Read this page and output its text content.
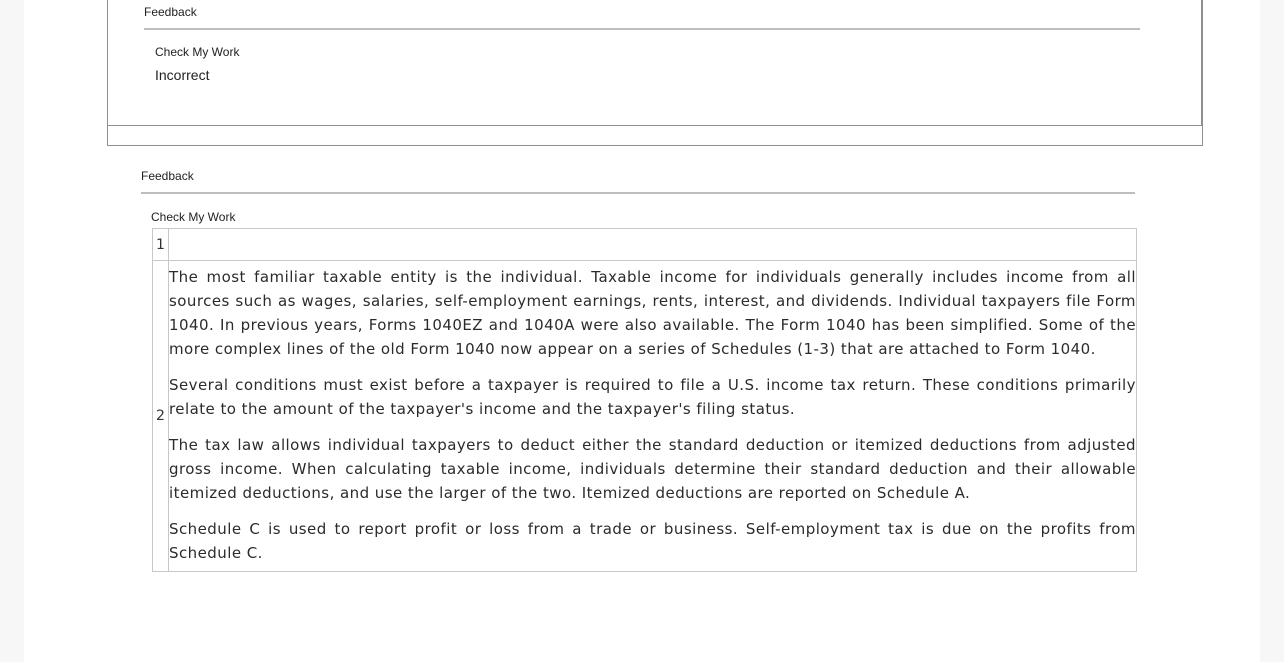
Feedback
Check My Work
Incorrect
Feedback
Check My Work
1	
2	The most familiar taxable entity is the individual. Taxable income for individuals generally includes income from all sources such as wages, salaries, self-employment earnings, rents, interest, and dividends. Individual taxpayers file Form 1040. In previous years, Forms 1040EZ and 1040A were also available. The Form 1040 has been simplified. Some of the more complex lines of the old Form 1040 now appear on a series of Schedules (1-3) that are attached to Form 1040.

Several conditions must exist before a taxpayer is required to file a U.S. income tax return. These conditions primarily relate to the amount of the taxpayer's income and the taxpayer's filing status.

The tax law allows individual taxpayers to deduct either the standard deduction or itemized deductions from adjusted gross income. When calculating taxable income, individuals determine their standard deduction and their allowable itemized deductions, and use the larger of the two. Itemized deductions are reported on Schedule A.

Schedule C is used to report profit or loss from a trade or business. Self-employment tax is due on the profits from Schedule C.
